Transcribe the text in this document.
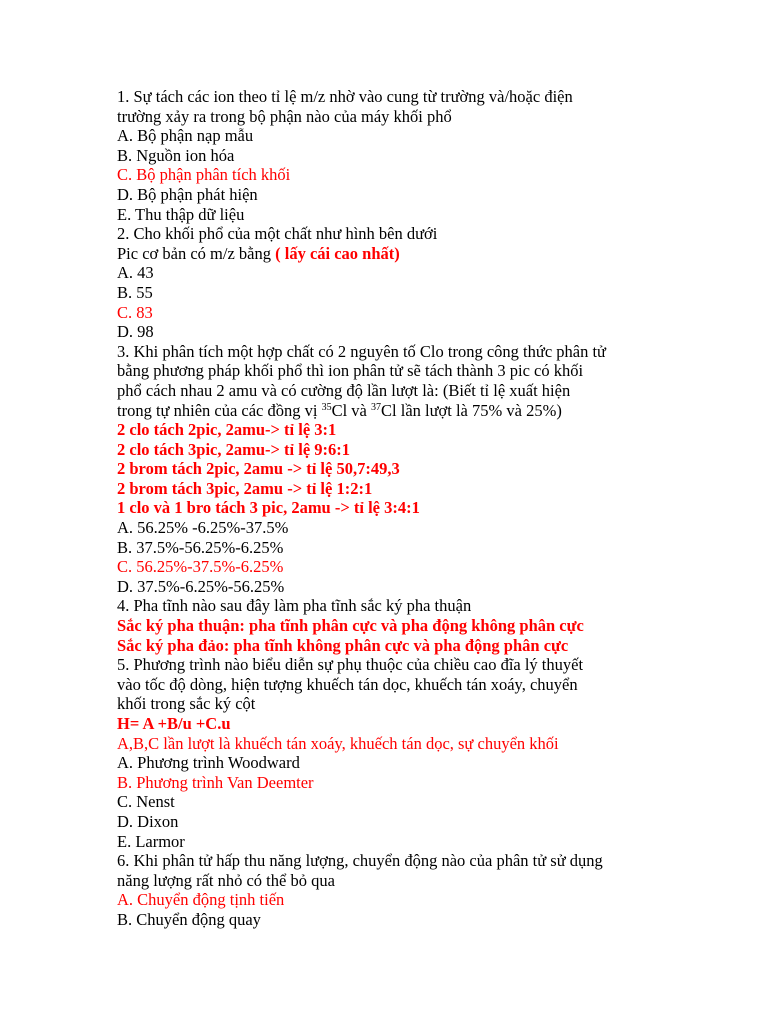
1. Sự tách các ion theo tỉ lệ m/z nhờ vào cung từ trường và/hoặc điện
trường xảy ra trong bộ phận nào của máy khối phổ
A. Bộ phận nạp mẫu
B. Nguồn ion hóa
C. Bộ phận phân tích khối
D. Bộ phận phát hiện
E. Thu thập dữ liệu
2. Cho khối phổ của một chất như hình bên dưới
Pic cơ bản có m/z bằng ( lấy cái cao nhất)
A. 43
B. 55
C. 83
D. 98
3. Khi phân tích một hợp chất có 2 nguyên tố Clo trong công thức phân tử
bằng phương pháp khối phổ thì ion phân tử sẽ tách thành 3 pic có khối
phổ cách nhau 2 amu và có cường độ lần lượt là: (Biết tỉ lệ xuất hiện
trong tự nhiên của các đồng vị $^{35}$Cl và $^{37}$Cl lần lượt là 75% và 25%)
2 clo tách 2pic, 2amu-> tỉ lệ 3:1
2 clo tách 3pic, 2amu-> tỉ lệ 9:6:1
2 brom tách 2pic, 2amu -> tỉ lệ 50,7:49,3
2 brom tách 3pic, 2amu -> tỉ lệ 1:2:1
1 clo và 1 bro tách 3 pic, 2amu -> tỉ lệ 3:4:1
A. 56.25% -6.25%-37.5%
B. 37.5%-56.25%-6.25%
C. 56.25%-37.5%-6.25%
D. 37.5%-6.25%-56.25%
4. Pha tĩnh nào sau đây làm pha tĩnh sắc ký pha thuận
Sắc ký pha thuận: pha tĩnh phân cực và pha động không phân cực
Sắc ký pha đảo: pha tĩnh không phân cực và pha động phân cực
5. Phương trình nào biểu diễn sự phụ thuộc của chiều cao đĩa lý thuyết
vào tốc độ dòng, hiện tượng khuếch tán dọc, khuếch tán xoáy, chuyển
khối trong sắc ký cột
H= A +B/u +C.u
A,B,C lần lượt là khuếch tán xoáy, khuếch tán dọc, sự chuyển khối
A. Phương trình Woodward
B. Phương trình Van Deemter
C. Nenst
D. Dixon
E. Larmor
6. Khi phân tử hấp thu năng lượng, chuyển động nào của phân tử sử dụng
năng lượng rất nhỏ có thể bỏ qua
A. Chuyển động tịnh tiến
B. Chuyển động quay
